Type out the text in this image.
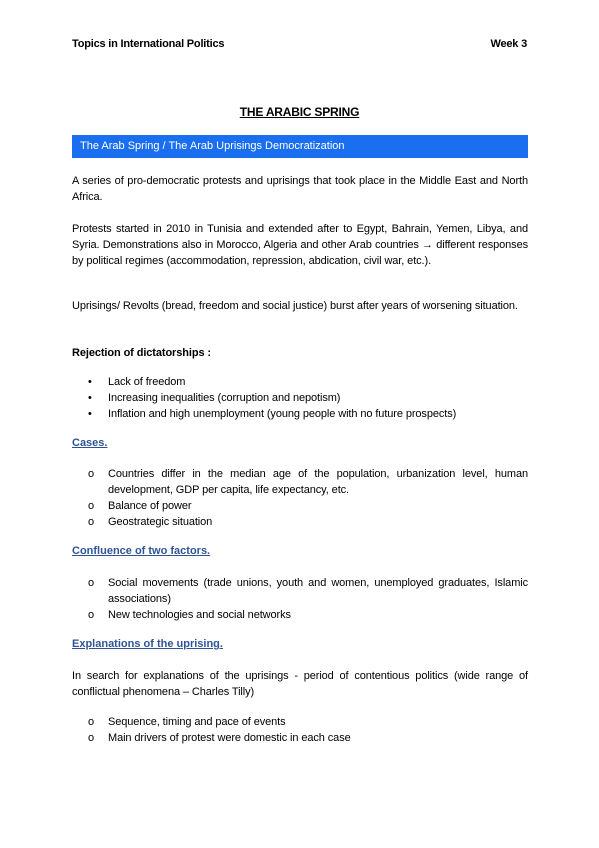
Topics in International Politics	Week 3
THE ARABIC SPRING
The Arab Spring / The Arab Uprisings Democratization
A series of pro-democratic protests and uprisings that took place in the Middle East and North Africa.
Protests started in 2010 in Tunisia and extended after to Egypt, Bahrain, Yemen, Libya, and Syria. Demonstrations also in Morocco, Algeria and other Arab countries → different responses by political regimes (accommodation, repression, abdication, civil war, etc.).
Uprisings/ Revolts (bread, freedom and social justice) burst after years of worsening situation.
Rejection of dictatorships :
• Lack of freedom
• Increasing inequalities (corruption and nepotism)
• Inflation and high unemployment (young people with no future prospects)
Cases.
o Countries differ in the median age of the population, urbanization level, human development, GDP per capita, life expectancy, etc.
o Balance of power
o Geostrategic situation
Confluence of two factors.
o Social movements (trade unions, youth and women, unemployed graduates, Islamic associations)
o New technologies and social networks
Explanations of the uprising.
In search for explanations of the uprisings - period of contentious politics (wide range of conflictual phenomena – Charles Tilly)
o Sequence, timing and pace of events
o Main drivers of protest were domestic in each case
